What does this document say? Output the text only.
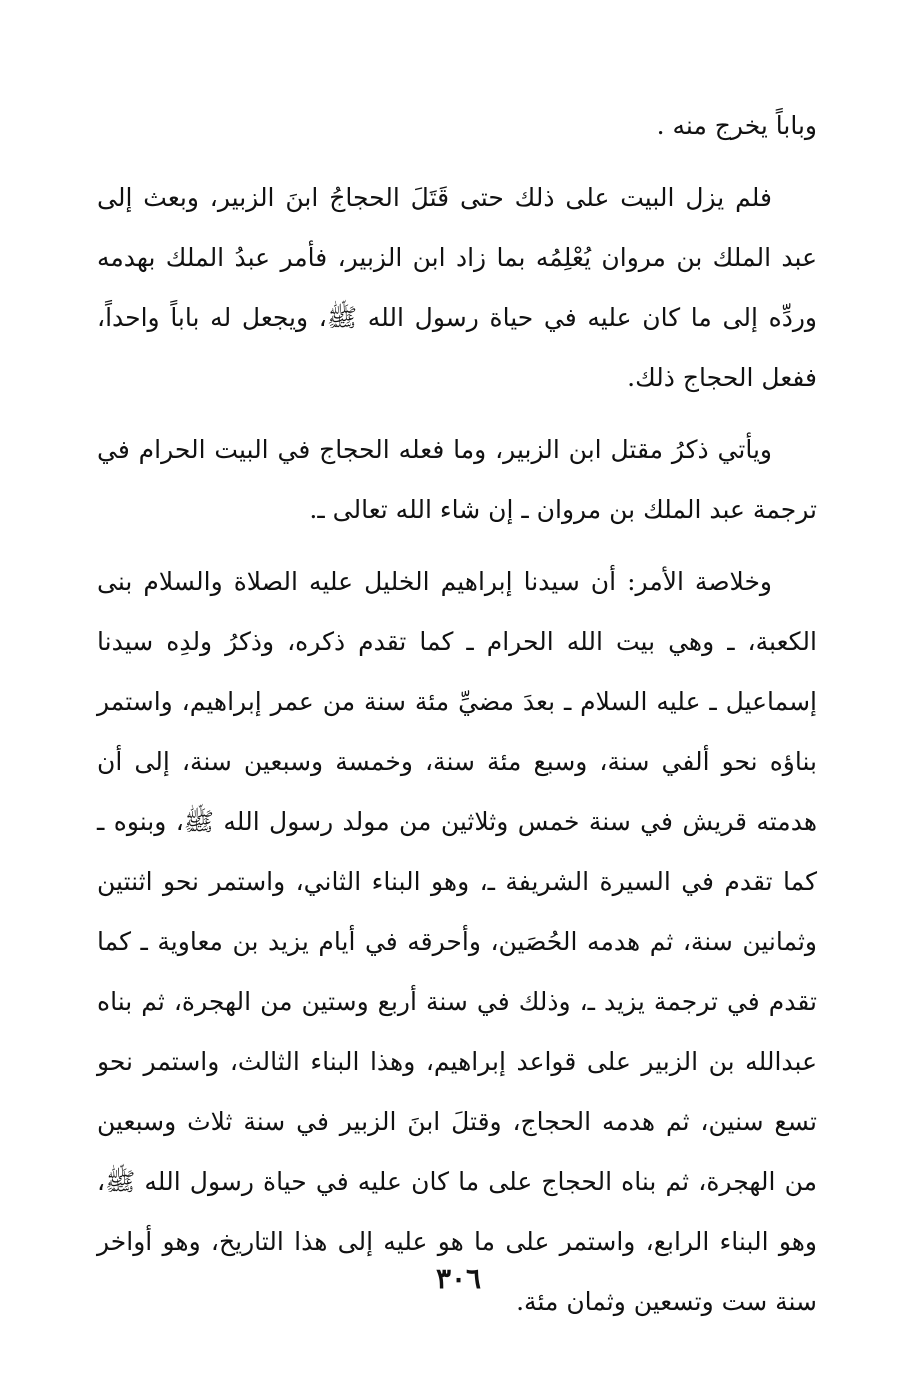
وباباً يخرج منه .

فلم يزل البيت على ذلك حتى قَتَلَ الحجاجُ ابنَ الزبير، وبعث إلى عبد الملك بن مروان يُعْلِمُه بما زاد ابن الزبير، فأمر عبدُ الملك بهدمه وردِّه إلى ما كان عليه في حياة رسول الله ﷺ، ويجعل له باباً واحداً، ففعل الحجاج ذلك.

ويأتي ذكرُ مقتل ابن الزبير، وما فعله الحجاج في البيت الحرام في ترجمة عبد الملك بن مروان ـ إن شاء الله تعالى ـ.

وخلاصة الأمر: أن سيدنا إبراهيم الخليل عليه الصلاة والسلام بنى الكعبة، ـ وهي بيت الله الحرام ـ كما تقدم ذكره، وذكرُ ولدِه سيدنا إسماعيل ـ عليه السلام ـ بعدَ مضيِّ مئة سنة من عمر إبراهيم، واستمر بناؤه نحو ألفي سنة، وسبع مئة سنة، وخمسة وسبعين سنة، إلى أن هدمته قريش في سنة خمس وثلاثين من مولد رسول الله ﷺ، وبنوه ـ كما تقدم في السيرة الشريفة ـ، وهو البناء الثاني، واستمر نحو اثنتين وثمانين سنة، ثم هدمه الحُصَين، وأحرقه في أيام يزيد بن معاوية ـ كما تقدم في ترجمة يزيد ـ، وذلك في سنة أربع وستين من الهجرة، ثم بناه عبدالله بن الزبير على قواعد إبراهيم، وهذا البناء الثالث، واستمر نحو تسع سنين، ثم هدمه الحجاج، وقتلَ ابنَ الزبير في سنة ثلاث وسبعين من الهجرة، ثم بناه الحجاج على ما كان عليه في حياة رسول الله ﷺ، وهو البناء الرابع، واستمر على ما هو عليه إلى هذا التاريخ، وهو أواخر سنة ست وتسعين وثمان مئة.

٣٠٦
